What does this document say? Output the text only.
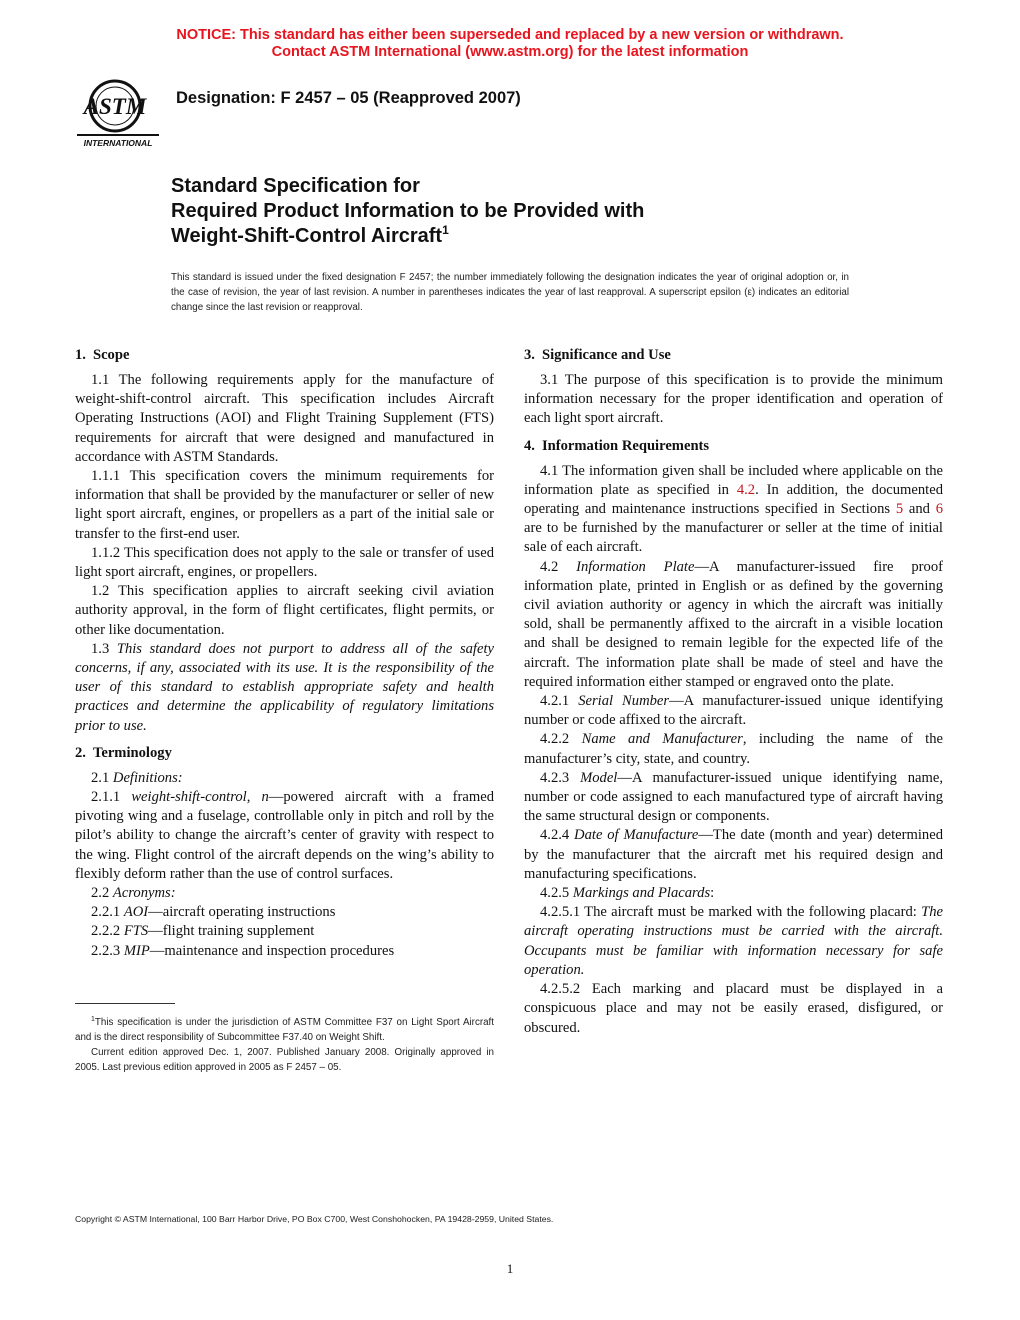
NOTICE: This standard has either been superseded and replaced by a new version or withdrawn.
Contact ASTM International (www.astm.org) for the latest information
ASTM
INTERNATIONAL
Designation: F 2457 – 05 (Reapproved 2007)
Standard Specification for
Required Product Information to be Provided with
Weight-Shift-Control Aircraft$^1$
This standard is issued under the fixed designation F 2457; the number immediately following the designation indicates the year of original adoption or, in the case of revision, the year of last revision. A number in parentheses indicates the year of last reapproval. A superscript epsilon (ε) indicates an editorial change since the last revision or reapproval.
1. Scope

1.1 The following requirements apply for the manufacture of weight-shift-control aircraft. This specification includes Aircraft Operating Instructions (AOI) and Flight Training Supplement (FTS) requirements for aircraft that were designed and manufactured in accordance with ASTM Standards.

1.1.1 This specification covers the minimum requirements for information that shall be provided by the manufacturer or seller of new light sport aircraft, engines, or propellers as a part of the initial sale or transfer to the first-end user.

1.1.2 This specification does not apply to the sale or transfer of used light sport aircraft, engines, or propellers.

1.2 This specification applies to aircraft seeking civil aviation authority approval, in the form of flight certificates, flight permits, or other like documentation.

1.3 This standard does not purport to address all of the safety concerns, if any, associated with its use. It is the responsibility of the user of this standard to establish appropriate safety and health practices and determine the applicability of regulatory limitations prior to use.

2. Terminology

2.1 Definitions:

2.1.1 weight-shift-control, n—powered aircraft with a framed pivoting wing and a fuselage, controllable only in pitch and roll by the pilot’s ability to change the aircraft’s center of gravity with respect to the wing. Flight control of the aircraft depends on the wing’s ability to flexibly deform rather than the use of control surfaces.

2.2 Acronyms:

2.2.1 AOI—aircraft operating instructions

2.2.2 FTS—flight training supplement

2.2.3 MIP—maintenance and inspection procedures

3. Significance and Use

3.1 The purpose of this specification is to provide the minimum information necessary for the proper identification and operation of each light sport aircraft.

4. Information Requirements

4.1 The information given shall be included where applicable on the information plate as specified in 4.2. In addition, the documented operating and maintenance instructions specified in Sections 5 and 6 are to be furnished by the manufacturer or seller at the time of initial sale of each aircraft.

4.2 Information Plate—A manufacturer-issued fire proof information plate, printed in English or as defined by the governing civil aviation authority or agency in which the aircraft was initially sold, shall be permanently affixed to the aircraft in a visible location and shall be designed to remain legible for the expected life of the aircraft. The information plate shall be made of steel and have the required information either stamped or engraved onto the plate.

4.2.1 Serial Number—A manufacturer-issued unique identifying number or code affixed to the aircraft.

4.2.2 Name and Manufacturer, including the name of the manufacturer’s city, state, and country.

4.2.3 Model—A manufacturer-issued unique identifying name, number or code assigned to each manufactured type of aircraft having the same structural design or components.

4.2.4 Date of Manufacture—The date (month and year) determined by the manufacturer that the aircraft met his required design and manufacturing specifications.

4.2.5 Markings and Placards:

4.2.5.1 The aircraft must be marked with the following placard: The aircraft operating instructions must be carried with the aircraft. Occupants must be familiar with information necessary for safe operation.

4.2.5.2 Each marking and placard must be displayed in a conspicuous place and may not be easily erased, disfigured, or obscured.

$^1$This specification is under the jurisdiction of ASTM Committee F37 on Light Sport Aircraft and is the direct responsibility of Subcommittee F37.40 on Weight Shift.

Current edition approved Dec. 1, 2007. Published January 2008. Originally approved in 2005. Last previous edition approved in 2005 as F 2457 – 05.

Copyright © ASTM International, 100 Barr Harbor Drive, PO Box C700, West Conshohocken, PA 19428-2959, United States.
1
